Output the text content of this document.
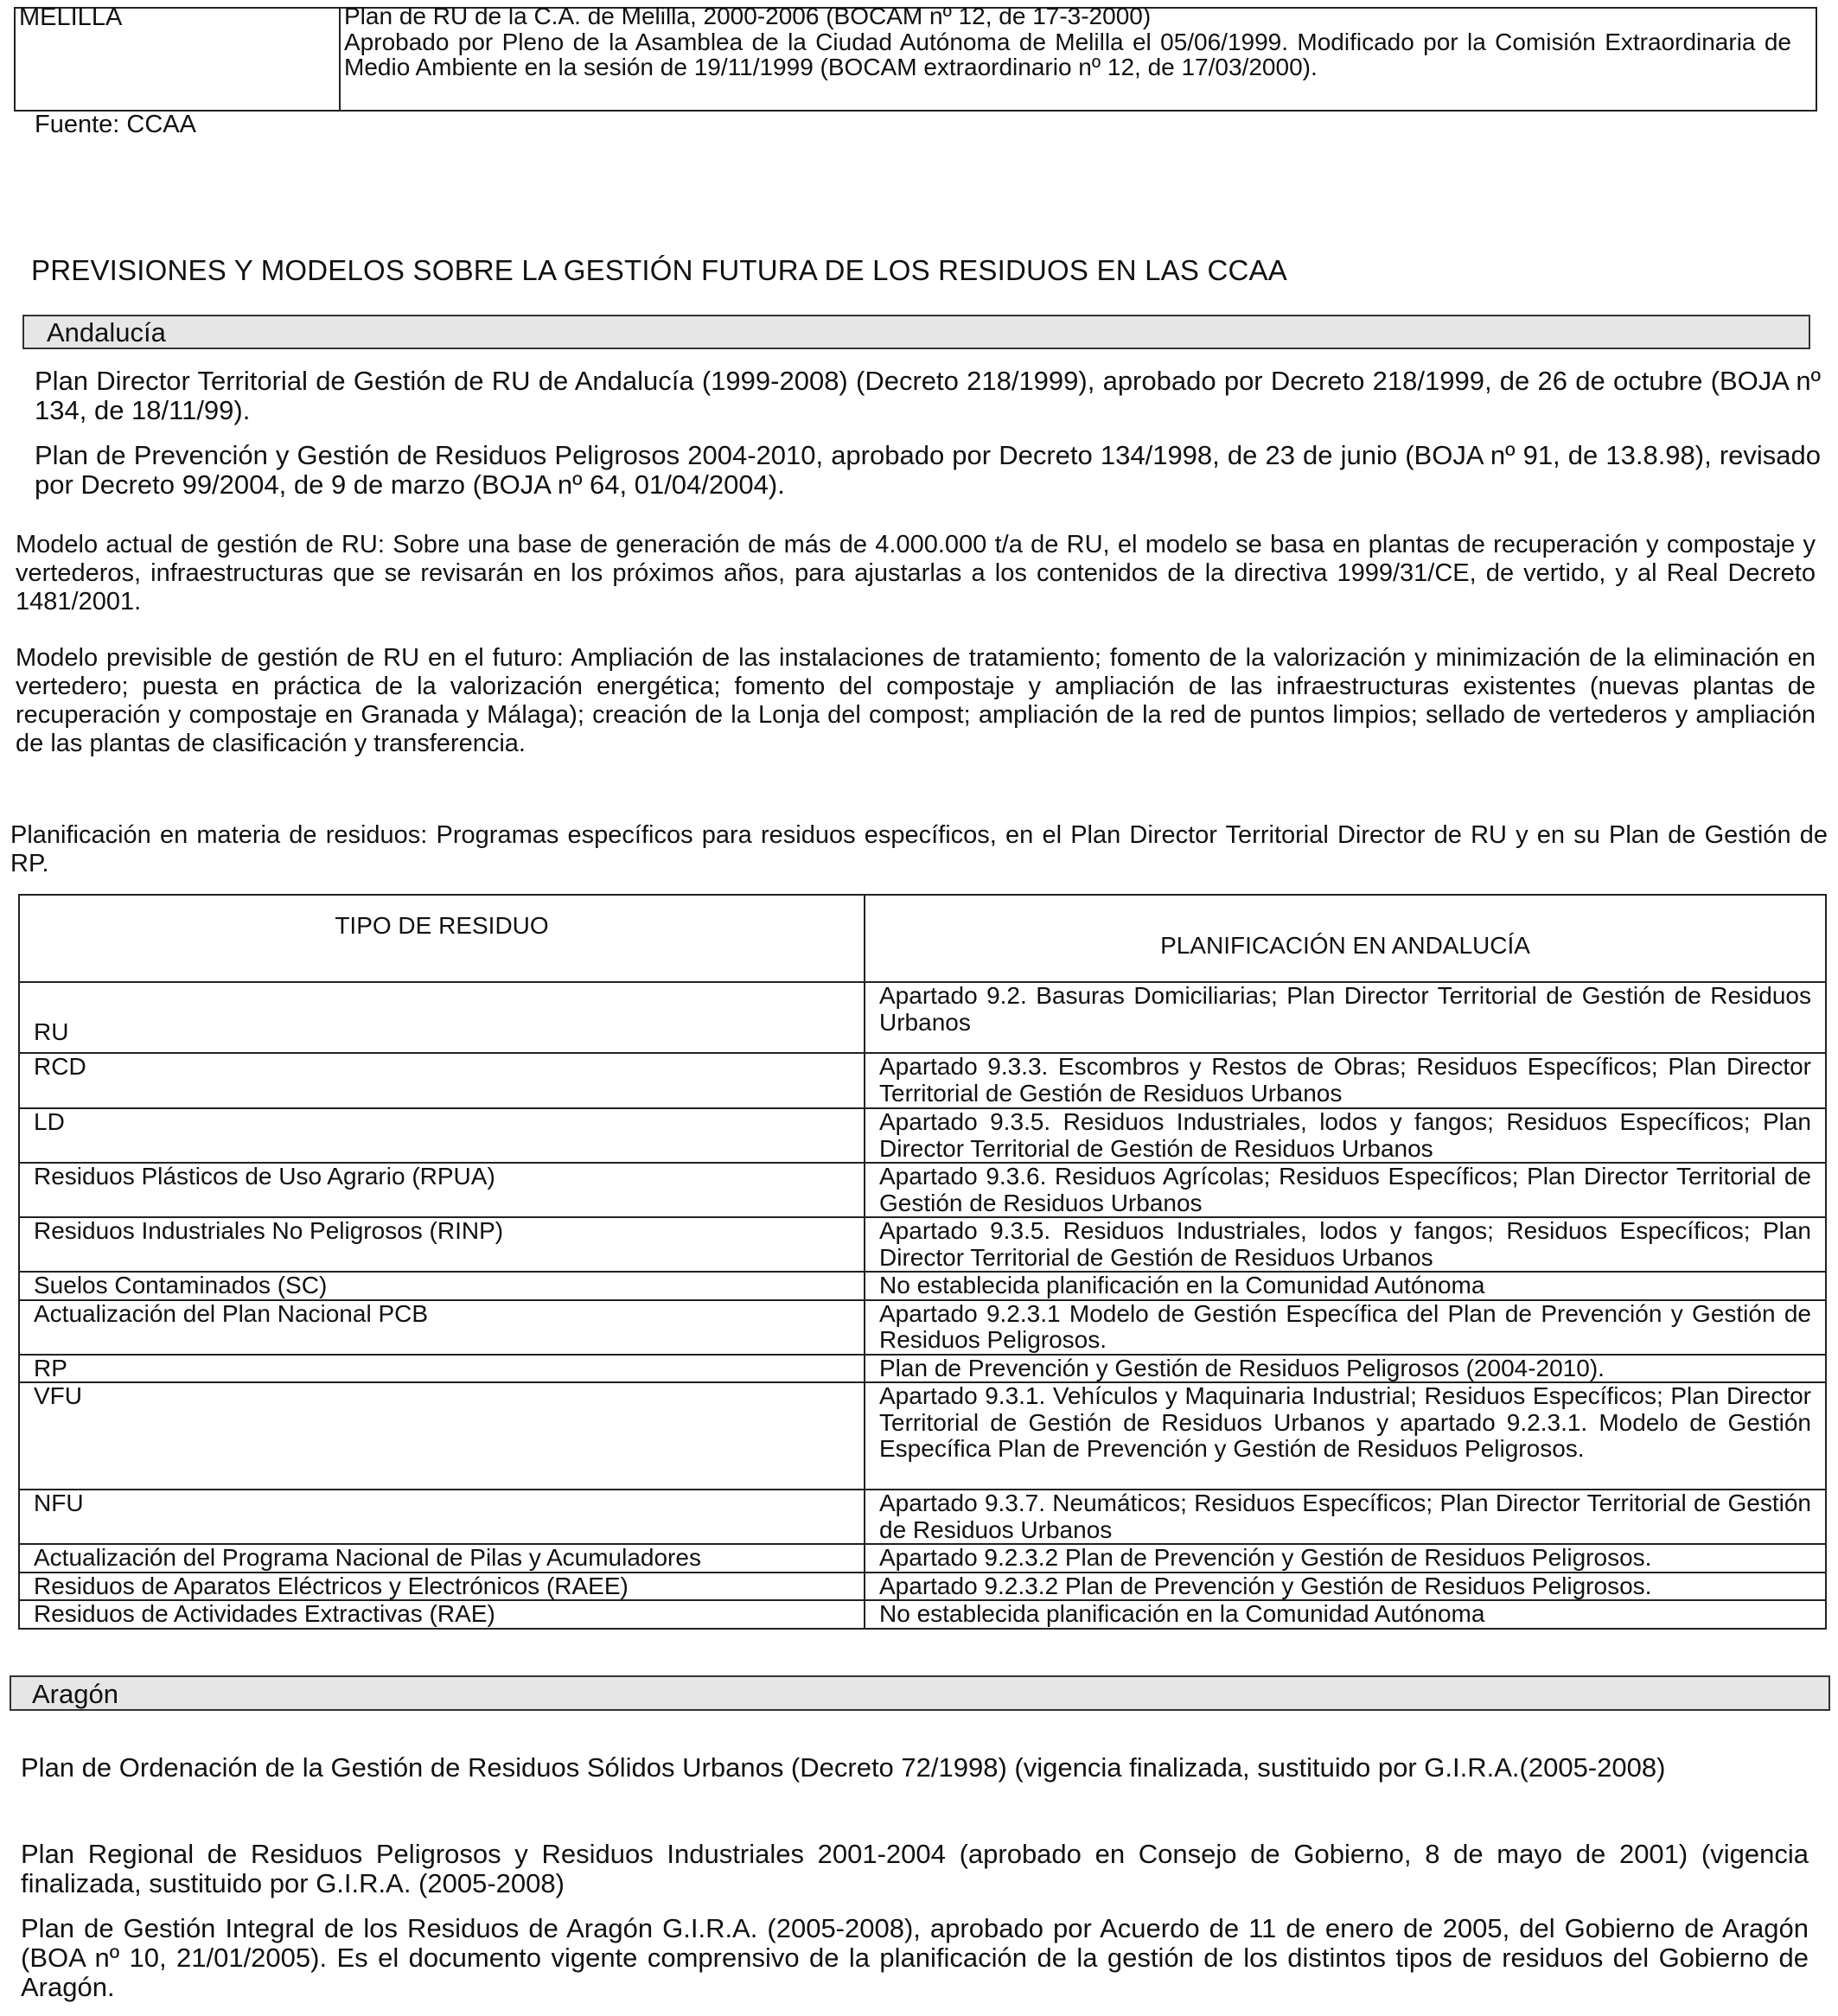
MELILLA	Plan de RU de la C.A. de Melilla, 2000-2006 (BOCAM nº 12, de 17-3-2000)
Aprobado por Pleno de la Asamblea de la Ciudad Autónoma de Melilla el 05/06/1999. Modificado por la Comisión Extraordinaria de Medio Ambiente en la sesión de 19/11/1999 (BOCAM extraordinario nº 12, de 17/03/2000).
Fuente: CCAA
PREVISIONES Y MODELOS SOBRE LA GESTIÓN FUTURA DE LOS RESIDUOS EN LAS CCAA
Andalucía
Plan Director Territorial de Gestión de RU de Andalucía (1999-2008) (Decreto 218/1999), aprobado por Decreto 218/1999, de 26 de octubre (BOJA nº 134, de 18/11/99).
Plan de Prevención y Gestión de Residuos Peligrosos 2004-2010, aprobado por Decreto 134/1998, de 23 de junio (BOJA nº 91, de 13.8.98), revisado por Decreto 99/2004, de 9 de marzo (BOJA nº 64, 01/04/2004).
Modelo actual de gestión de RU: Sobre una base de generación de más de 4.000.000 t/a de RU, el modelo se basa en plantas de recuperación y compostaje y vertederos, infraestructuras que se revisarán en los próximos años, para ajustarlas a los contenidos de la directiva 1999/31/CE, de vertido, y al Real Decreto 1481/2001.
Modelo previsible de gestión de RU en el futuro: Ampliación de las instalaciones de tratamiento; fomento de la valorización y minimización de la eliminación en vertedero; puesta en práctica de la valorización energética; fomento del compostaje y ampliación de las infraestructuras existentes (nuevas plantas de recuperación y compostaje en Granada y Málaga); creación de la Lonja del compost; ampliación de la red de puntos limpios; sellado de vertederos y ampliación de las plantas de clasificación y transferencia.
Planificación en materia de residuos: Programas específicos para residuos específicos, en el Plan Director Territorial Director de RU y en su Plan de Gestión de RP.
TIPO DE RESIDUO	PLANIFICACIÓN EN ANDALUCÍA
RU	Apartado 9.2. Basuras Domiciliarias; Plan Director Territorial de Gestión de Residuos Urbanos
RCD	Apartado 9.3.3. Escombros y Restos de Obras; Residuos Específicos; Plan Director Territorial de Gestión de Residuos Urbanos
LD	Apartado 9.3.5. Residuos Industriales, lodos y fangos; Residuos Específicos; Plan Director Territorial de Gestión de Residuos Urbanos
Residuos Plásticos de Uso Agrario (RPUA)	Apartado 9.3.6. Residuos Agrícolas; Residuos Específicos; Plan Director Territorial de Gestión de Residuos Urbanos
Residuos Industriales No Peligrosos (RINP)	Apartado 9.3.5. Residuos Industriales, lodos y fangos; Residuos Específicos; Plan Director Territorial de Gestión de Residuos Urbanos
Suelos Contaminados (SC)	No establecida planificación en la Comunidad Autónoma
Actualización del Plan Nacional PCB	Apartado 9.2.3.1 Modelo de Gestión Específica del Plan de Prevención y Gestión de Residuos Peligrosos.
RP	Plan de Prevención y Gestión de Residuos Peligrosos (2004-2010).
VFU	Apartado 9.3.1. Vehículos y Maquinaria Industrial; Residuos Específicos; Plan Director Territorial de Gestión de Residuos Urbanos y apartado 9.2.3.1. Modelo de Gestión Específica Plan de Prevención y Gestión de Residuos Peligrosos.
NFU	Apartado 9.3.7. Neumáticos; Residuos Específicos; Plan Director Territorial de Gestión de Residuos Urbanos
Actualización del Programa Nacional de Pilas y Acumuladores	Apartado 9.2.3.2 Plan de Prevención y Gestión de Residuos Peligrosos.
Residuos de Aparatos Eléctricos y Electrónicos (RAEE)	Apartado 9.2.3.2 Plan de Prevención y Gestión de Residuos Peligrosos.
Residuos de Actividades Extractivas (RAE)	No establecida planificación en la Comunidad Autónoma
Aragón
Plan de Ordenación de la Gestión de Residuos Sólidos Urbanos (Decreto 72/1998) (vigencia finalizada, sustituido por G.I.R.A.(2005-2008)
Plan Regional de Residuos Peligrosos y Residuos Industriales 2001-2004 (aprobado en Consejo de Gobierno, 8 de mayo de 2001) (vigencia finalizada, sustituido por G.I.R.A. (2005-2008)
Plan de Gestión Integral de los Residuos de Aragón G.I.R.A. (2005-2008), aprobado por Acuerdo de 11 de enero de 2005, del Gobierno de Aragón (BOA nº 10, 21/01/2005). Es el documento vigente comprensivo de la planificación de la gestión de los distintos tipos de residuos del Gobierno de Aragón.
